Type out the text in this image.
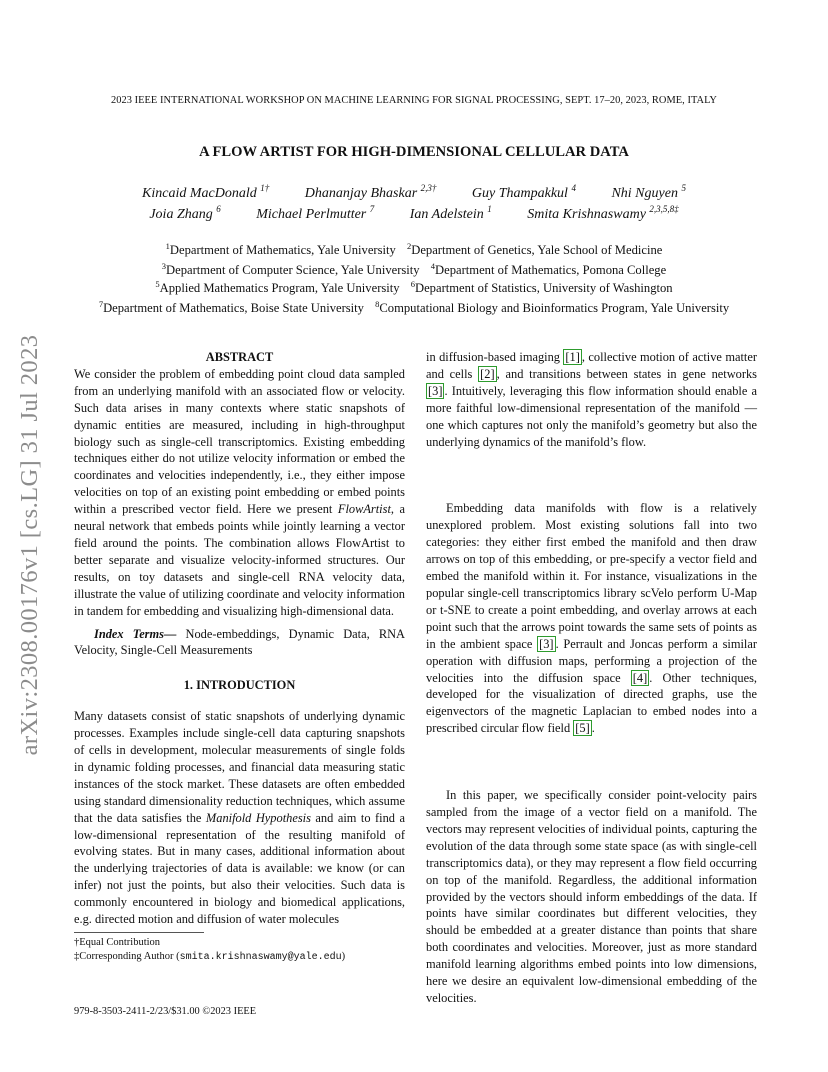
2023 IEEE INTERNATIONAL WORKSHOP ON MACHINE LEARNING FOR SIGNAL PROCESSING, SEPT. 17–20, 2023, ROME, ITALY
A FLOW ARTIST FOR HIGH-DIMENSIONAL CELLULAR DATA
Kincaid MacDonald $^{1\dagger}$	Dhananjay Bhaskar $^{2,3\dagger}$	Guy Thampakkul $^4$	Nhi Nguyen $^5$
Joia Zhang $^6$	Michael Perlmutter $^7$	Ian Adelstein $^1$	Smita Krishnaswamy $^{2,3,5,8\ddagger}$
$^1$Department of Mathematics, Yale University $^2$Department of Genetics, Yale School of Medicine
$^3$Department of Computer Science, Yale University $^4$Department of Mathematics, Pomona College
$^5$Applied Mathematics Program, Yale University $^6$Department of Statistics, University of Washington
$^7$Department of Mathematics, Boise State University $^8$Computational Biology and Bioinformatics Program, Yale University
arXiv:2308.00176v1 [cs.LG] 31 Jul 2023	ABSTRACT

We consider the problem of embedding point cloud data sampled from an underlying manifold with an associated flow or velocity. Such data arises in many contexts where static snapshots of dynamic entities are measured, including in high-throughput biology such as single-cell transcriptomics. Existing embedding techniques either do not utilize velocity information or embed the coordinates and velocities independently, i.e., they either impose velocities on top of an existing point embedding or embed points within a prescribed vector field. Here we present FlowArtist, a neural network that embeds points while jointly learning a vector field around the points. The combination allows FlowArtist to better separate and visualize velocity-informed structures. Our results, on toy datasets and single-cell RNA velocity data, illustrate the value of utilizing coordinate and velocity information in tandem for embedding and visualizing high-dimensional data.

Index Terms— Node-embeddings, Dynamic Data, RNA Velocity, Single-Cell Measurements

1. INTRODUCTION

Many datasets consist of static snapshots of underlying dynamic processes. Examples include single-cell data capturing snapshots of cells in development, molecular measurements of single folds in dynamic folding processes, and financial data measuring static instances of the stock market. These datasets are often embedded using standard dimensionality reduction techniques, which assume that the data satisfies the Manifold Hypothesis and aim to find a low-dimensional representation of the resulting manifold of evolving states. But in many cases, additional information about the underlying trajectories of data is available: we know (or can infer) not just the points, but also their velocities. Such data is commonly encountered in biology and biomedical applications, e.g. directed motion and diffusion of water molecules

†Equal Contribution
‡Corresponding Author (smita.krishnaswamy@yale.edu)
979-8-3503-2411-2/23/$31.00 ©2023 IEEE

in diffusion-based imaging [1] , collective motion of active matter and cells [2] , and transitions between states in gene networks [3] . Intuitively, leveraging this flow information should enable a more faithful low-dimensional representation of the manifold — one which captures not only the manifold’s geometry but also the underlying dynamics of the manifold’s flow.

Embedding data manifolds with flow is a relatively unexplored problem. Most existing solutions fall into two categories: they either first embed the manifold and then draw arrows on top of this embedding, or pre-specify a vector field and embed the manifold within it. For instance, visualizations in the popular single-cell transcriptomics library scVelo perform U-Map or t-SNE to create a point embedding, and overlay arrows at each point such that the arrows point towards the same sets of points as in the ambient space [3] . Perrault and Joncas perform a similar operation with diffusion maps, performing a projection of the velocities into the diffusion space [4] . Other techniques, developed for the visualization of directed graphs, use the eigenvectors of the magnetic Laplacian to embed nodes into a prescribed circular flow field [5] .

In this paper, we specifically consider point-velocity pairs sampled from the image of a vector field on a manifold. The vectors may represent velocities of individual points, capturing the evolution of the data through some state space (as with single-cell transcriptomics data), or they may represent a flow field occurring on top of the manifold. Regardless, the additional information provided by the vectors should inform embeddings of the data. If points have similar coordinates but different velocities, they should be embedded at a greater distance than points that share both coordinates and velocities. Moreover, just as more standard manifold learning algorithms embed points into low dimensions, here we desire an equivalent low-dimensional embedding of the velocities.
